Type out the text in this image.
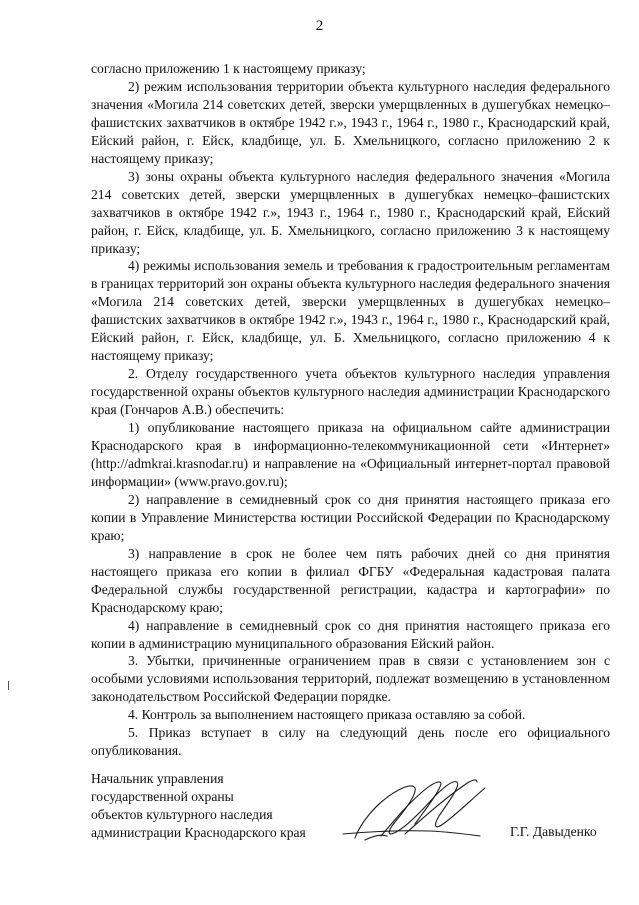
2

согласно приложению 1 к настоящему приказу;

2) режим использования территории объекта культурного наследия федерального значения «Могила 214 советских детей, зверски умерщвленных в душегубках немецко–фашистских захватчиков в октябре 1942 г.», 1943 г., 1964 г., 1980 г., Краснодарский край, Ейский район, г. Ейск, кладбище, ул. Б. Хмельницкого, согласно приложению 2 к настоящему приказу;

3) зоны охраны объекта культурного наследия федерального значения «Могила 214 советских детей, зверски умерщвленных в душегубках немецко–фашистских захватчиков в октябре 1942 г.», 1943 г., 1964 г., 1980 г., Краснодарский край, Ейский район, г. Ейск, кладбище, ул. Б. Хмельницкого, согласно приложению 3 к настоящему приказу;

4) режимы использования земель и требования к градостроительным регламентам в границах территорий зон охраны объекта культурного наследия федерального значения «Могила 214 советских детей, зверски умерщвленных в душегубках немецко–фашистских захватчиков в октябре 1942 г.», 1943 г., 1964 г., 1980 г., Краснодарский край, Ейский район, г. Ейск, кладбище, ул. Б. Хмельницкого, согласно приложению 4 к настоящему приказу;

2. Отделу государственного учета объектов культурного наследия управления государственной охраны объектов культурного наследия администрации Краснодарского края (Гончаров А.В.) обеспечить:

1) опубликование настоящего приказа на официальном сайте администрации Краснодарского края в информационно-телекоммуникационной сети «Интернет» (http://admkrai.krasnodar.ru) и направление на «Официальный интернет-портал правовой информации» (www.pravo.gov.ru);

2) направление в семидневный срок со дня принятия настоящего приказа его копии в Управление Министерства юстиции Российской Федерации по Краснодарскому краю;

3) направление в срок не более чем пять рабочих дней со дня принятия настоящего приказа его копии в филиал ФГБУ «Федеральная кадастровая палата Федеральной службы государственной регистрации, кадастра и картографии» по Краснодарскому краю;

4) направление в семидневный срок со дня принятия настоящего приказа его копии в администрацию муниципального образования Ейский район.

3. Убытки, причиненные ограничением прав в связи с установлением зон с особыми условиями использования территорий, подлежат возмещению в установленном законодательством Российской Федерации порядке.

4. Контроль за выполнением настоящего приказа оставляю за собой.

5. Приказ вступает в силу на следующий день после его официального опубликования.

Начальник управления
государственной охраны
объектов культурного наследия
администрации Краснодарского края	Г.Г. Давыденко
